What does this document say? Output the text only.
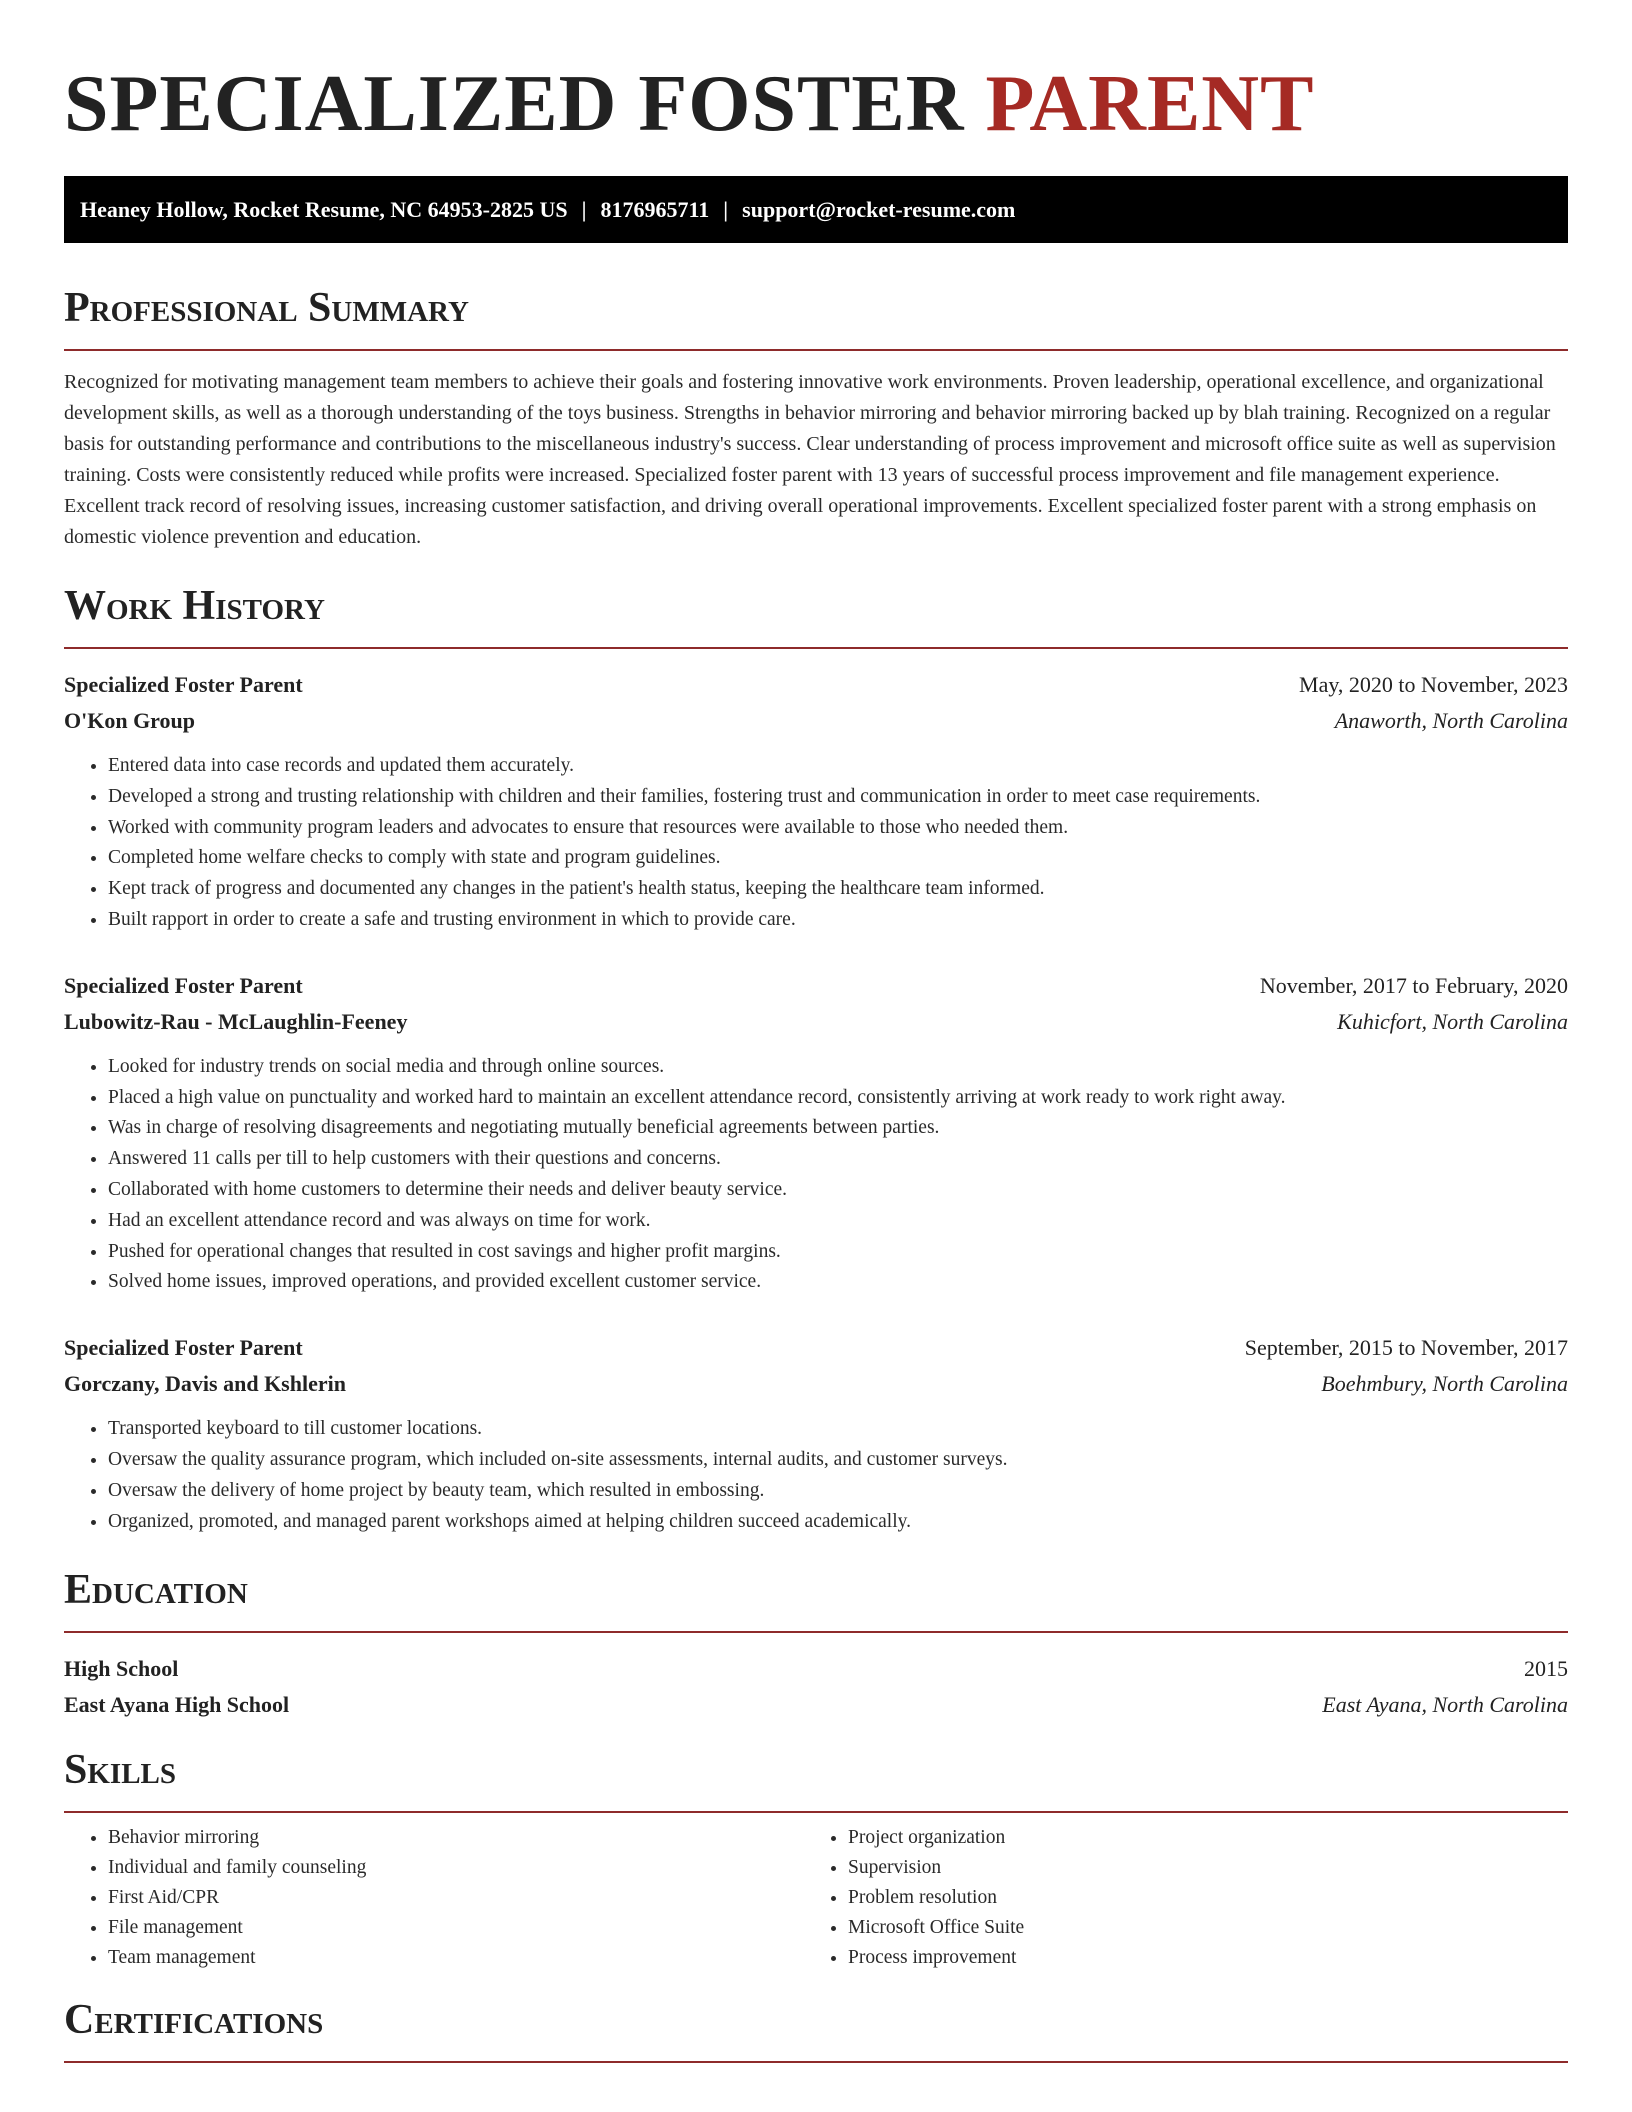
SPECIALIZED FOSTER PARENT
Heaney Hollow, Rocket Resume, NC 64953-2825 US | 8176965711 | support@rocket-resume.com
Professional Summary

Recognized for motivating management team members to achieve their goals and fostering innovative work environments. Proven leadership, operational excellence, and organizational development skills, as well as a thorough understanding of the toys business. Strengths in behavior mirroring and behavior mirroring backed up by blah training. Recognized on a regular basis for outstanding performance and contributions to the miscellaneous industry's success. Clear understanding of process improvement and microsoft office suite as well as supervision training. Costs were consistently reduced while profits were increased. Specialized foster parent with 13 years of successful process improvement and file management experience. Excellent track record of resolving issues, increasing customer satisfaction, and driving overall operational improvements. Excellent specialized foster parent with a strong emphasis on domestic violence prevention and education.

Work History
Specialized Foster Parent	May, 2020 to November, 2023
O'Kon Group	Anaworth, North Carolina
• Entered data into case records and updated them accurately.
• Developed a strong and trusting relationship with children and their families, fostering trust and communication in order to meet case requirements.
• Worked with community program leaders and advocates to ensure that resources were available to those who needed them.
• Completed home welfare checks to comply with state and program guidelines.
• Kept track of progress and documented any changes in the patient's health status, keeping the healthcare team informed.
• Built rapport in order to create a safe and trusting environment in which to provide care.
Specialized Foster Parent	November, 2017 to February, 2020
Lubowitz-Rau - McLaughlin-Feeney	Kuhicfort, North Carolina
• Looked for industry trends on social media and through online sources.
• Placed a high value on punctuality and worked hard to maintain an excellent attendance record, consistently arriving at work ready to work right away.
• Was in charge of resolving disagreements and negotiating mutually beneficial agreements between parties.
• Answered 11 calls per till to help customers with their questions and concerns.
• Collaborated with home customers to determine their needs and deliver beauty service.
• Had an excellent attendance record and was always on time for work.
• Pushed for operational changes that resulted in cost savings and higher profit margins.
• Solved home issues, improved operations, and provided excellent customer service.
Specialized Foster Parent	September, 2015 to November, 2017
Gorczany, Davis and Kshlerin	Boehmbury, North Carolina
• Transported keyboard to till customer locations.
• Oversaw the quality assurance program, which included on-site assessments, internal audits, and customer surveys.
• Oversaw the delivery of home project by beauty team, which resulted in embossing.
• Organized, promoted, and managed parent workshops aimed at helping children succeed academically.
Education
High School	2015
East Ayana High School	East Ayana, North Carolina
Skills
• Behavior mirroring
• Individual and family counseling
• First Aid/CPR
• File management
• Team management
• Project organization
• Supervision
• Problem resolution
• Microsoft Office Suite
• Process improvement
Certifications
